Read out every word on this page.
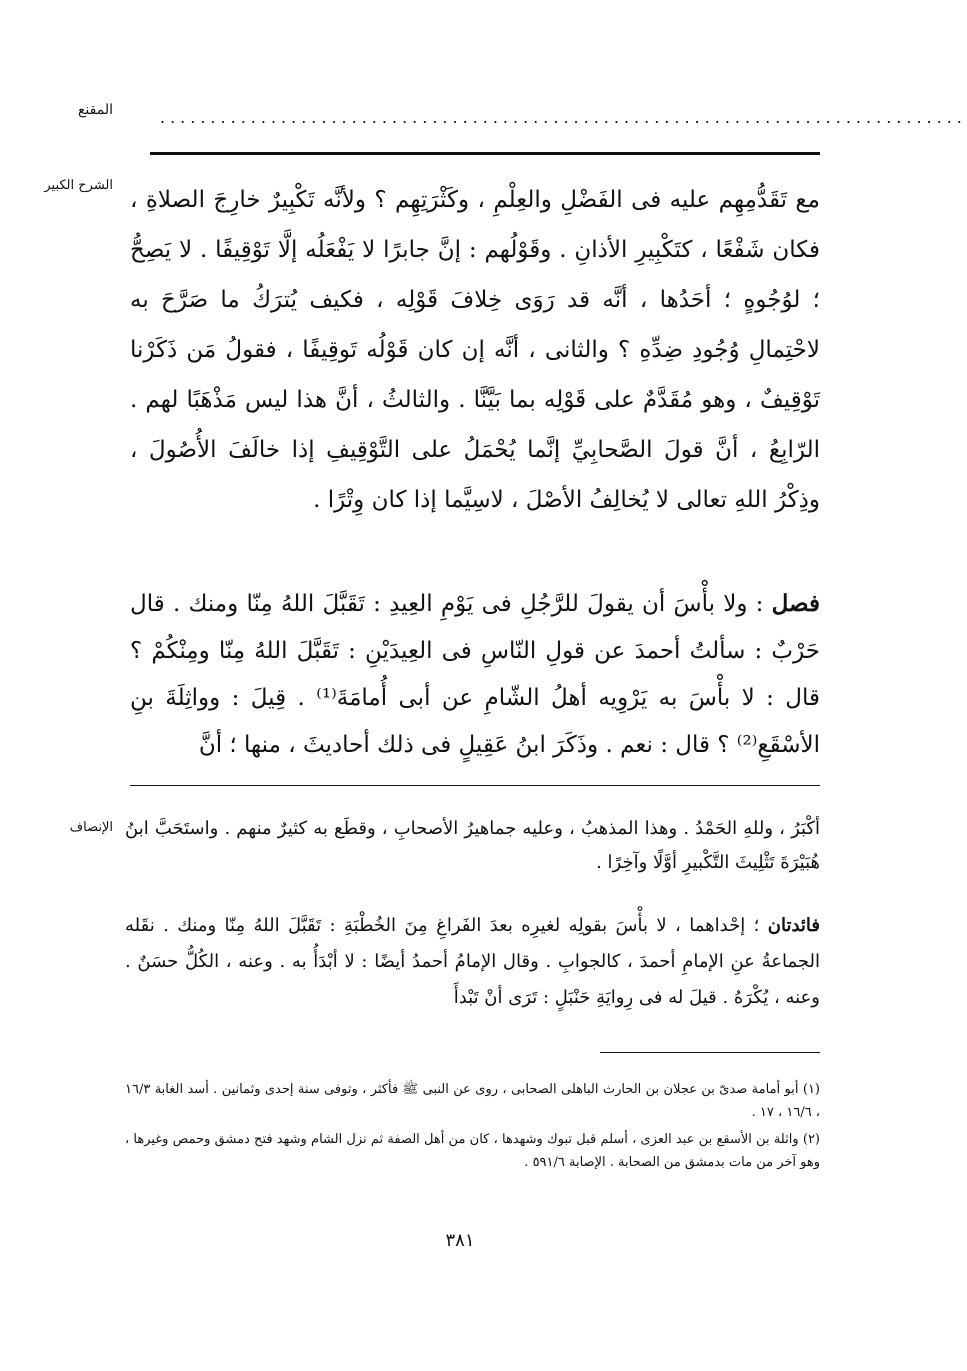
المقنع	................................................................................
الشرح الكبير

مع تَقَدُّمِهِم عليه فى الفَضْلِ والعِلْمِ ، وكَثْرَتِهِم ؟ ولأنَّه تَكْبِيرٌ خارِجَ الصلاةِ ، فكان شَفْعًا ، كتَكْبِيرِ الأذانِ . وقَوْلُهم : إنَّ جابرًا لا يَفْعَلُه إلَّا تَوْقِيفًا . لا يَصِحُّ ؛ لوُجُوهٍ ؛ أحَدُها ، أنَّه قد رَوَى خِلافَ قَوْلِه ، فكيف يُترَكُ ما صَرَّحَ به لاحْتِمالِ وُجُودِ ضِدِّهِ ؟ والثانى ، أنَّه إن كان قَوْلُه تَوقِيفًا ، فقولُ مَن ذَكَرْنا تَوْقِيفٌ ، وهو مُقَدَّمٌ على قَوْلِه بما بَيَّنَّا . والثالثُ ، أنَّ هذا ليس مَذْهَبًا لهم . الرّابِعُ ، أنَّ قولَ الصَّحابِيِّ إنَّما يُحْمَلُ على التَّوْقِيفِ إذا خالَفَ الأُصُولَ ، وذِكْرُ اللهِ تعالى لا يُخالِفُ الأصْلَ ، لاسِيَّما إذا كان وِتْرًا .

فصل : ولا بأْسَ أن يقولَ للرَّجُلِ فى يَوْمِ العِيدِ : تَقَبَّلَ اللهُ مِنّا ومنك . قال حَرْبٌ : سألتُ أحمدَ عن قولِ النّاسِ فى العِيدَيْنِ : تَقَبَّلَ اللهُ مِنّا ومِنْكُمْ ؟ قال : لا بأْسَ به يَرْوِيه أهلُ الشّامِ عن أبى أُمامَةَ⁽¹⁾ . قِيلَ : وواثِلَةَ بنِ الأسْقَعِ⁽²⁾ ؟ قال : نعم . وذَكَرَ ابنُ عَقِيلٍ فى ذلك أحاديثَ ، منها ؛ أنَّ

الإنصاف أكْبَرُ ، وللهِ الحَمْدُ . وهذا المذهبُ ، وعليه جماهيرُ الأصحابِ ، وقطَع به كثيرٌ منهم . واستَحَبَّ ابنُ هُبَيْرَةَ تَثْلِيثَ التَّكْبيرِ أوَّلًا وآخِرًا .

فائدتان ؛ إحْداهما ، لا بأْسَ بقولِه لغيرِه بعدَ الفَراغِ مِنَ الخُطْبَةِ : تَقَبَّلَ اللهُ مِنّا ومنك . نقَله الجماعةُ عنِ الإمامِ أحمدَ ، كالجوابِ . وقال الإمامُ أحمدُ أيضًا : لا أبْدَأُ به . وعنه ، الكُلُّ حسَنٌ . وعنه ، يُكْرَهُ . قيلَ له فى رِوايَةِ حَنْبَلٍ : تَرَى أنْ تَبْدأَ

(١) أبو أمامة صدىّ بن عجلان بن الحارث الباهلى الصحابى ، روى عن النبى ﷺ فأكثر ، وتوفى سنة إحدى وثمانين . أسد الغابة ١٦/٣ ، ١٦/٦ ، ١٧ .

(٢) واثلة بن الأسقع بن عبد العزى ، أسلم قبل تبوك وشهدها ، كان من أهل الصفة ثم نزل الشام وشهد فتح دمشق وحمص وغيرها ، وهو آخر من مات بدمشق من الصحابة . الإصابة ٥٩١/٦ .

٣٨١
